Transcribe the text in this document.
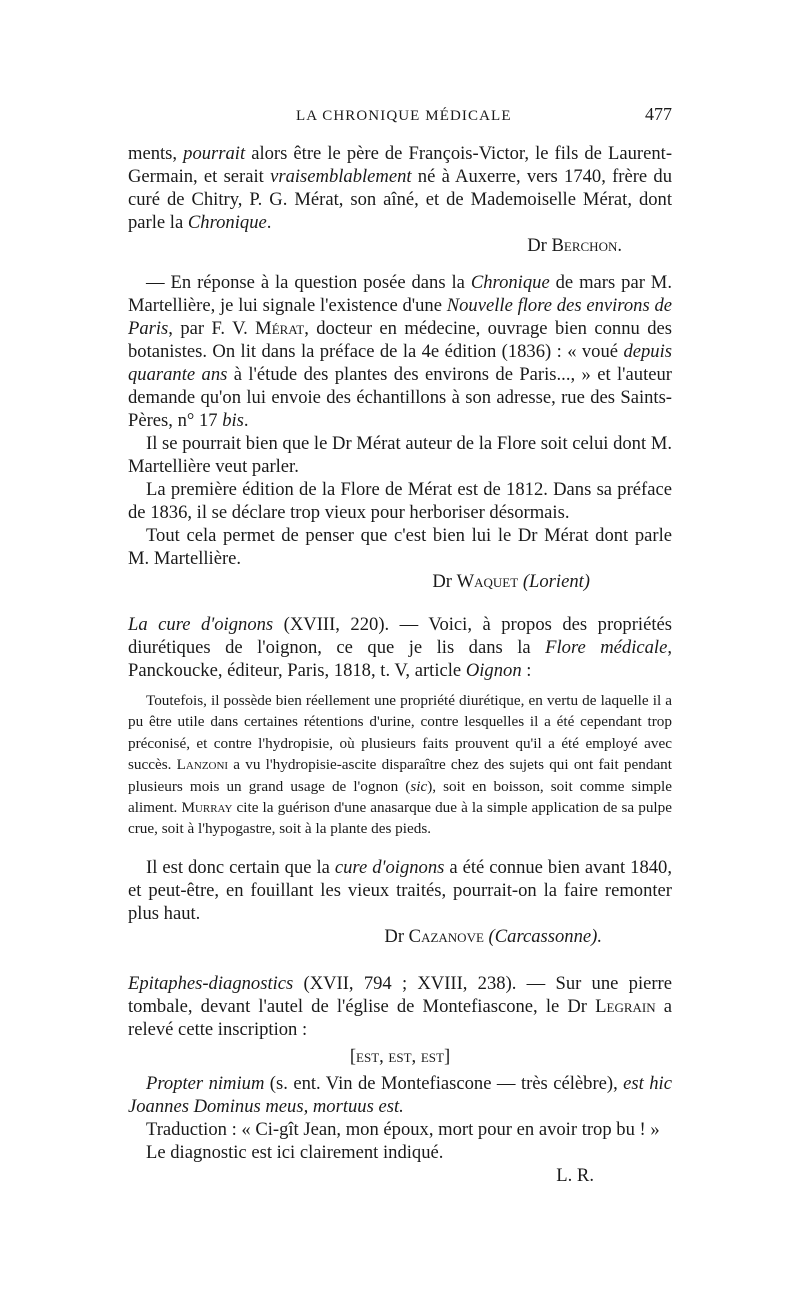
LA CHRONIQUE MÉDICALE	477

ments, pourrait alors être le père de François-Victor, le fils de Laurent-Germain, et serait vraisemblablement né à Auxerre, vers 1740, frère du curé de Chitry, P. G. Mérat, son aîné, et de Mademoiselle Mérat, dont parle la Chronique.

Dr Berchon.

— En réponse à la question posée dans la Chronique de mars par M. Martellière, je lui signale l'existence d'une Nouvelle flore des environs de Paris, par F. V. Mérat, docteur en médecine, ouvrage bien connu des botanistes. On lit dans la préface de la 4e édition (1836) : « voué depuis quarante ans à l'étude des plantes des environs de Paris..., » et l'auteur demande qu'on lui envoie des échantillons à son adresse, rue des Saints-Pères, n° 17 bis.

Il se pourrait bien que le Dr Mérat auteur de la Flore soit celui dont M. Martellière veut parler.

La première édition de la Flore de Mérat est de 1812. Dans sa préface de 1836, il se déclare trop vieux pour herboriser désormais.

Tout cela permet de penser que c'est bien lui le Dr Mérat dont parle M. Martellière.

Dr Waquet (Lorient)

La cure d'oignons (XVIII, 220). — Voici, à propos des propriétés diurétiques de l'oignon, ce que je lis dans la Flore médicale, Panckoucke, éditeur, Paris, 1818, t. V, article Oignon :

Toutefois, il possède bien réellement une propriété diurétique, en vertu de laquelle il a pu être utile dans certaines rétentions d'urine, contre lesquelles il a été cependant trop préconisé, et contre l'hydropisie, où plusieurs faits prouvent qu'il a été employé avec succès. Lanzoni a vu l'hydropisie-ascite disparaître chez des sujets qui ont fait pendant plusieurs mois un grand usage de l'ognon (sic), soit en boisson, soit comme simple aliment. Murray cite la guérison d'une anasarque due à la simple application de sa pulpe crue, soit à l'hypogastre, soit à la plante des pieds.

Il est donc certain que la cure d'oignons a été connue bien avant 1840, et peut-être, en fouillant les vieux traités, pourrait-on la faire remonter plus haut.

Dr Cazanove (Carcassonne).

Epitaphes-diagnostics (XVII, 794 ; XVIII, 238). — Sur une pierre tombale, devant l'autel de l'église de Montefiascone, le Dr Legrain a relevé cette inscription :

[est, est, est]

Propter nimium (s. ent. Vin de Montefiascone — très célèbre), est hic Joannes Dominus meus, mortuus est.

Traduction : « Ci-gît Jean, mon époux, mort pour en avoir trop bu ! »

Le diagnostic est ici clairement indiqué.

L. R.
